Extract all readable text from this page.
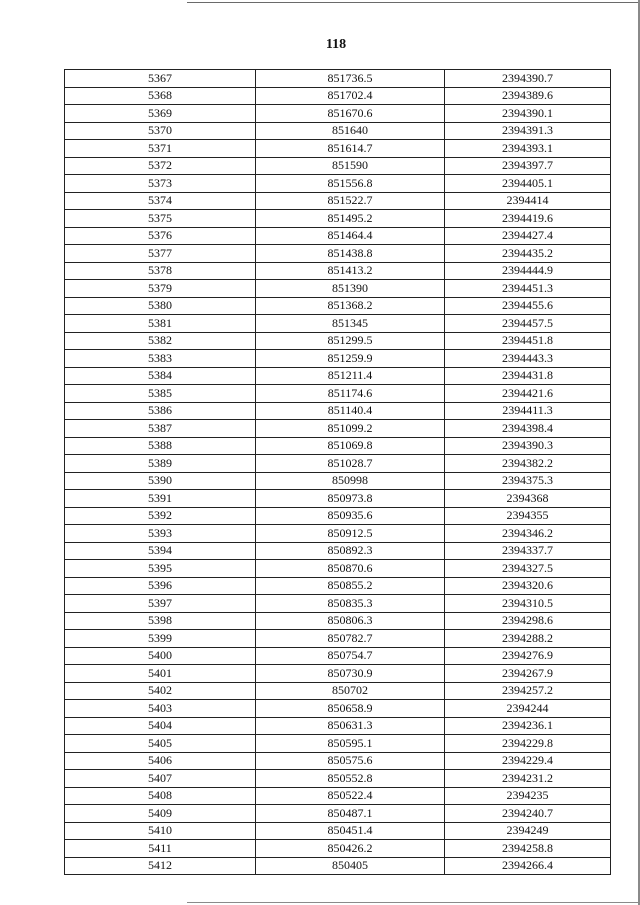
118
5367	851736.5	2394390.7
5368	851702.4	2394389.6
5369	851670.6	2394390.1
5370	851640	2394391.3
5371	851614.7	2394393.1
5372	851590	2394397.7
5373	851556.8	2394405.1
5374	851522.7	2394414
5375	851495.2	2394419.6
5376	851464.4	2394427.4
5377	851438.8	2394435.2
5378	851413.2	2394444.9
5379	851390	2394451.3
5380	851368.2	2394455.6
5381	851345	2394457.5
5382	851299.5	2394451.8
5383	851259.9	2394443.3
5384	851211.4	2394431.8
5385	851174.6	2394421.6
5386	851140.4	2394411.3
5387	851099.2	2394398.4
5388	851069.8	2394390.3
5389	851028.7	2394382.2
5390	850998	2394375.3
5391	850973.8	2394368
5392	850935.6	2394355
5393	850912.5	2394346.2
5394	850892.3	2394337.7
5395	850870.6	2394327.5
5396	850855.2	2394320.6
5397	850835.3	2394310.5
5398	850806.3	2394298.6
5399	850782.7	2394288.2
5400	850754.7	2394276.9
5401	850730.9	2394267.9
5402	850702	2394257.2
5403	850658.9	2394244
5404	850631.3	2394236.1
5405	850595.1	2394229.8
5406	850575.6	2394229.4
5407	850552.8	2394231.2
5408	850522.4	2394235
5409	850487.1	2394240.7
5410	850451.4	2394249
5411	850426.2	2394258.8
5412	850405	2394266.4
